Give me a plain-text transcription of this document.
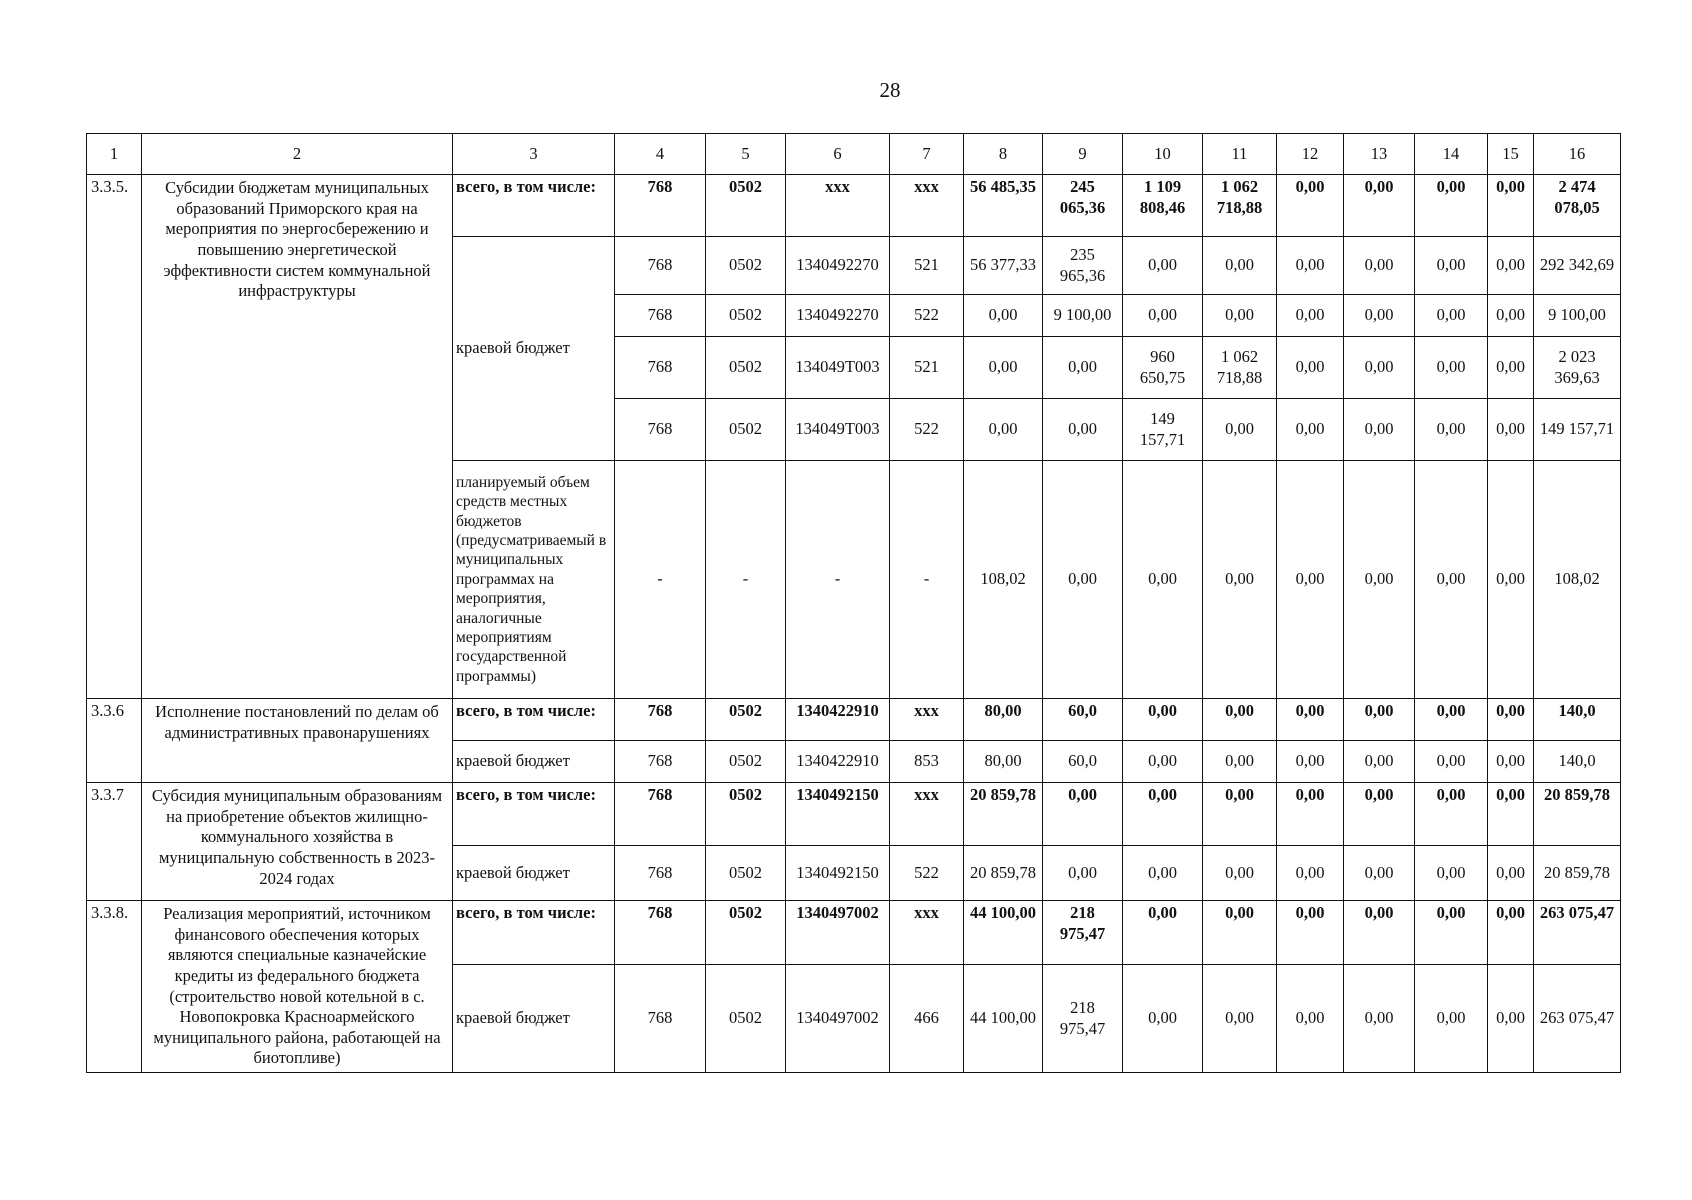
28
1	2	3	4	5	6	7	8	9	10	11	12	13	14	15	16
3.3.5.	Субсидии бюджетам муниципальных образований Приморского края на мероприятия по энергосбережению и повышению энергетической эффективности систем коммунальной инфраструктуры	всего, в том числе:	768	0502	xxx	xxx	56 485,35	245 065,36	1 109 808,46	1 062 718,88	0,00	0,00	0,00	0,00	2 474 078,05
		краевой бюджет	768	0502	1340492270	521	56 377,33	235 965,36	0,00	0,00	0,00	0,00	0,00	0,00	292 342,69
			768	0502	1340492270	522	0,00	9 100,00	0,00	0,00	0,00	0,00	0,00	0,00	9 100,00
			768	0502	134049T003	521	0,00	0,00	960 650,75	1 062 718,88	0,00	0,00	0,00	0,00	2 023 369,63
			768	0502	134049T003	522	0,00	0,00	149 157,71	0,00	0,00	0,00	0,00	0,00	149 157,71
		планируемый объем средств местных бюджетов (предусматриваемый в муниципальных программах на мероприятия, аналогичные мероприятиям государственной программы)	-	-	-	-	108,02	0,00	0,00	0,00	0,00	0,00	0,00	0,00	108,02
3.3.6	Исполнение постановлений по делам об административных правонарушениях	всего, в том числе:	768	0502	1340422910	xxx	80,00	60,0	0,00	0,00	0,00	0,00	0,00	0,00	140,0
		краевой бюджет	768	0502	1340422910	853	80,00	60,0	0,00	0,00	0,00	0,00	0,00	0,00	140,0
3.3.7	Субсидия муниципальным образованиям на приобретение объектов жилищно-коммунального хозяйства в муниципальную собственность в 2023-2024 годах	всего, в том числе:	768	0502	1340492150	xxx	20 859,78	0,00	0,00	0,00	0,00	0,00	0,00	0,00	20 859,78
		краевой бюджет	768	0502	1340492150	522	20 859,78	0,00	0,00	0,00	0,00	0,00	0,00	0,00	20 859,78
3.3.8.	Реализация мероприятий, источником финансового обеспечения которых являются специальные казначейские кредиты из федерального бюджета (строительство новой котельной в с. Новопокровка Красноармейского муниципального района, работающей на биотопливе)	всего, в том числе:	768	0502	1340497002	xxx	44 100,00	218 975,47	0,00	0,00	0,00	0,00	0,00	0,00	263 075,47
		краевой бюджет	768	0502	1340497002	466	44 100,00	218 975,47	0,00	0,00	0,00	0,00	0,00	0,00	263 075,47
